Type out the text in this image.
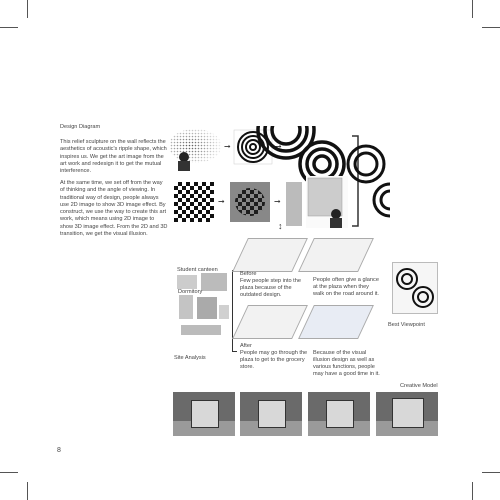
Design Diagram
This relief sculpture on the wall reflects the aesthetics of acoustic's ripple shape, which inspires us. We get the art image from the art work and redesign it to get the mutual interference.
At the same time, we set off from the way of thinking and the angle of viewing. In traditional way of design, people always use 2D image to show 3D image effect. By construct, we use the way to create this art work, which means using 2D image to show 3D image effect. From the 2D and 3D transition, we get the visual illusion.
➞	➞
➞	➞
↕
Student canteen
Dormitory
Before
Few people step into the plaza because of the outdated design.
People often give a glance at the plaza when they walk on the road around it.
After
People may go through the plaza to get to the grocery store.
Because of the visual illusion design as well as various functions, people may have a good time in it.
Best Viewpoint
Site Analysis
Creative Model
8
